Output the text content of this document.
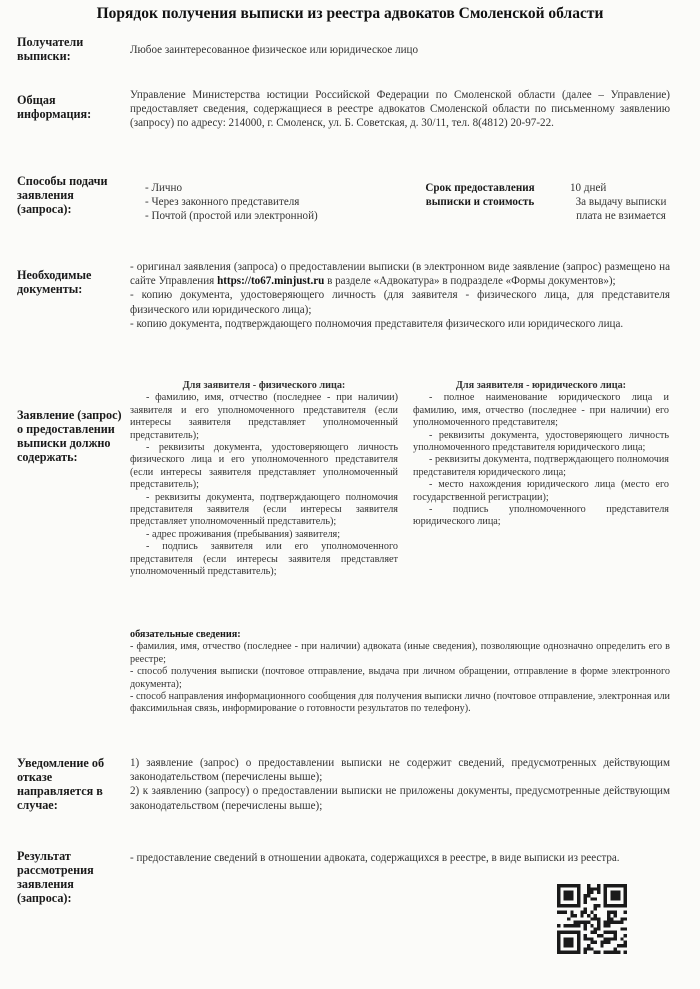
Порядок получения выписки из реестра адвокатов Смоленской области
Получатели выписки:	Любое заинтересованное физическое или юридическое лицо
Общая информация:
Управление Министерства юстиции Российской Федерации по Смоленской области (далее – Управление) предоставляет сведения, содержащиеся в реестре адвокатов Смоленской области по письменному заявлению (запросу) по адресу: 214000, г. Смоленск, ул. Б. Советская, д. 30/11, тел. 8(4812) 20-97-22.
Способы подачи заявления (запроса):
- Лично
- Через законного представителя
- Почтой (простой или электронной)
Срок предоставления выписки и стоимость
10 дней
За выдачу выписки плата не взимается
Необходимые документы:

- оригинал заявления (запроса) о предоставлении выписки (в электронном виде заявление (запрос) размещено на сайте Управления https://to67.minjust.ru в разделе «Адвокатура» в подразделе «Формы документов»);

- копию документа, удостоверяющего личность (для заявителя - физического лица, для представителя физического или юридического лица);

- копию документа, подтверждающего полномочия представителя физического или юридического лица.

Заявление (запрос) о предоставлении выписки должно содержать:

Для заявителя - физического лица:

- фамилию, имя, отчество (последнее - при наличии) заявителя и его уполномоченного представителя (если интересы заявителя представляет уполномоченный представитель);

- реквизиты документа, удостоверяющего личность физического лица и его уполномоченного представителя (если интересы заявителя представляет уполномоченный представитель);

- реквизиты документа, подтверждающего полномочия представителя заявителя (если интересы заявителя представляет уполномоченный представитель);

- адрес проживания (пребывания) заявителя;

- подпись заявителя или его уполномоченного представителя (если интересы заявителя представляет уполномоченный представитель);

Для заявителя - юридического лица:

- полное наименование юридического лица и фамилию, имя, отчество (последнее - при наличии) его уполномоченного представителя;

- реквизиты документа, удостоверяющего личность уполномоченного представителя юридического лица;

- реквизиты документа, подтверждающего полномочия представителя юридического лица;

- место нахождения юридического лица (место его государственной регистрации);

- подпись уполномоченного представителя юридического лица;

обязательные сведения:

- фамилия, имя, отчество (последнее - при наличии) адвоката (иные сведения), позволяющие однозначно определить его в реестре;

- способ получения выписки (почтовое отправление, выдача при личном обращении, отправление в форме электронного документа);

- способ направления информационного сообщения для получения выписки лично (почтовое отправление, электронная или факсимильная связь, информирование о готовности результатов по телефону).

Уведомление об отказе направляется в случае:

1) заявление (запрос) о предоставлении выписки не содержит сведений, предусмотренных действующим законодательством (перечислены выше);

2) к заявлению (запросу) о предоставлении выписки не приложены документы, предусмотренные действующим законодательством (перечислены выше);

Результат рассмотрения заявления (запроса):
- предоставление сведений в отношении адвоката, содержащихся в реестре, в виде выписки из реестра.
